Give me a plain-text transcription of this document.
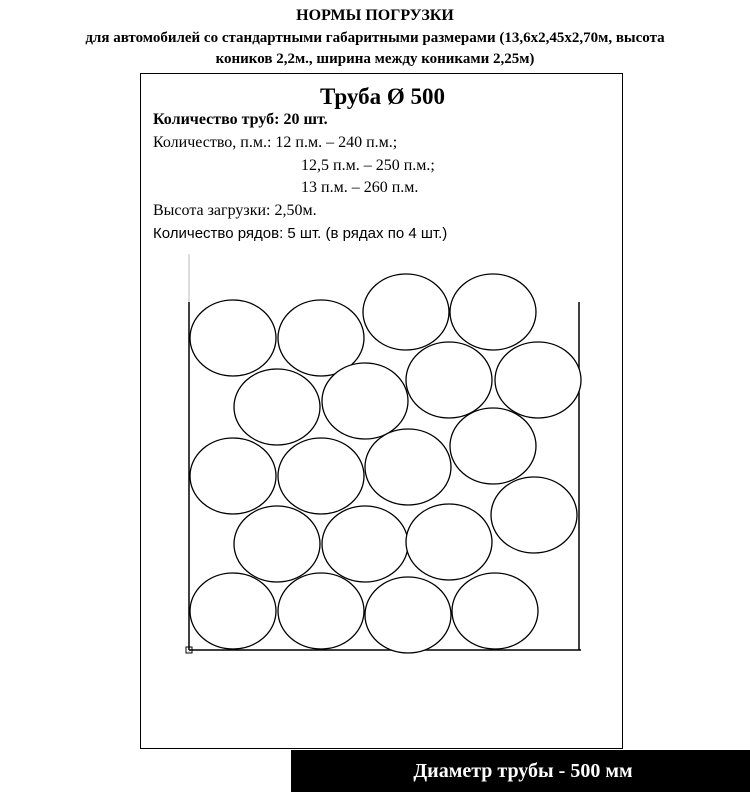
НОРМЫ ПОГРУЗКИ
для автомобилей со стандартными габаритными размерами (13,6х2,45х2,70м, высота
коников 2,2м., ширина между кониками 2,25м)
Труба Ø 500
Количество труб: 20 шт.
Количество, п.м.: 12 п.м. – 240 п.м.;
12,5 п.м. – 250 п.м.;
13 п.м. – 260 п.м.
Высота загрузки: 2,50м.
Количество рядов: 5 шт. (в рядах по 4 шт.)
Диаметр трубы - 500 мм
